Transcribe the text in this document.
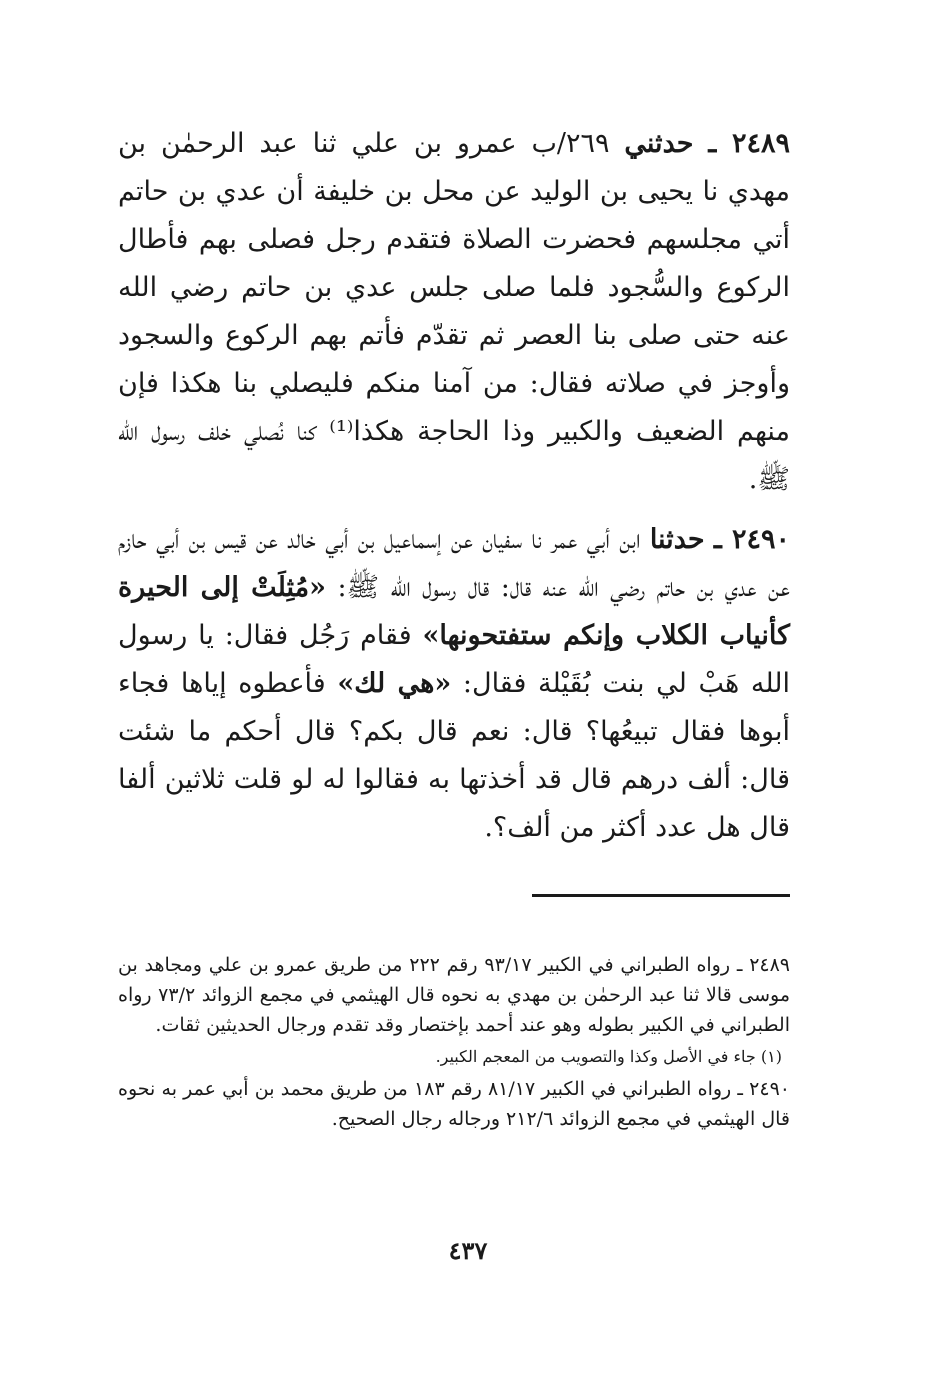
٢٤٨٩ ـ حدثني ٢٦٩/ب عمرو بن علي ثنا عبد الرحمٰن بن مهدي نا يحيى بن الوليد عن محل بن خليفة أن عدي بن حاتم أتي مجلسهم فحضرت الصلاة فتقدم رجل فصلى بهم فأطال الركوع والسُّجود فلما صلى جلس عدي بن حاتم رضي الله عنه حتى صلى بنا العصر ثم تقدّم فأتم بهم الركوع والسجود وأوجز في صلاته فقال: من آمنا منكم فليصلي بنا هكذا فإن منهم الضعيف والكبير وذا الحاجة هكذا⁽¹⁾ كنا نُصلي خلف رسول الله ﷺ.

٢٤٩٠ ـ حدثنا ابن أبي عمر نا سفيان عن إسماعيل بن أبي خالد عن قيس بن أبي حازم عن عدي بن حاتم رضي الله عنه قال: قال رسول الله ﷺ: «مُثِلَتْ إلى الحيرة كأنياب الكلاب وإنكم ستفتحونها» فقام رَجُل فقال: يا رسول الله هَبْ لي بنت بُقَيْلة فقال: «هي لك» فأعطوه إياها فجاء أبوها فقال تبيعُها؟ قال: نعم قال بكم؟ قال أحكم ما شئت قال: ألف درهم قال قد أخذتها به فقالوا له لو قلت ثلاثين ألفا قال هل عدد أكثر من ألف؟.

٢٤٨٩ ـ رواه الطبراني في الكبير ٩٣/١٧ رقم ٢٢٢ من طريق عمرو بن علي ومجاهد بن موسى قالا ثنا عبد الرحمٰن بن مهدي به نحوه قال الهيثمي في مجمع الزوائد ٧٣/٢ رواه الطبراني في الكبير بطوله وهو عند أحمد بإختصار وقد تقدم ورجال الحديثين ثقات.

(١) جاء في الأصل وكذا والتصويب من المعجم الكبير.

٢٤٩٠ ـ رواه الطبراني في الكبير ٨١/١٧ رقم ١٨٣ من طريق محمد بن أبي عمر به نحوه قال الهيثمي في مجمع الزوائد ٢١٢/٦ ورجاله رجال الصحيح.

٤٣٧
